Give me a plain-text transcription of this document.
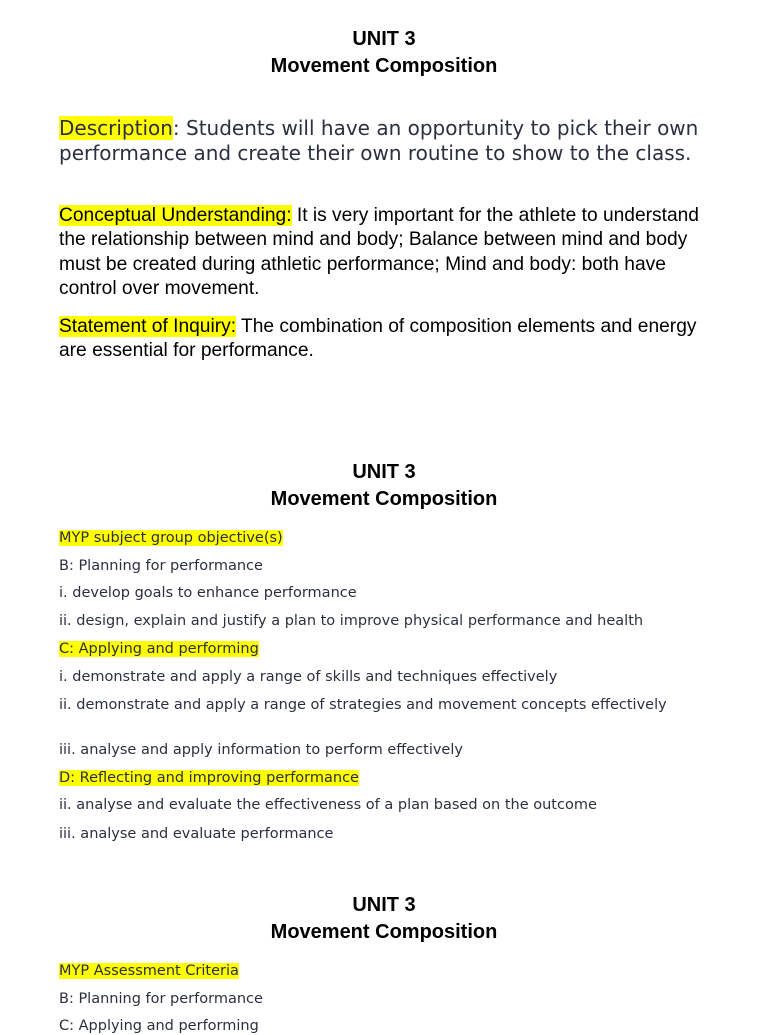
UNIT 3
Movement Composition
Description: Students will have an opportunity to pick their own performance and create their own routine to show to the class.
Conceptual Understanding: It is very important for the athlete to understand the relationship between mind and body; Balance between mind and body must be created during athletic performance; Mind and body: both have control over movement.
Statement of Inquiry: The combination of composition elements and energy are essential for performance.
UNIT 3
Movement Composition
MYP subject group objective(s)
B: Planning for performance
i. develop goals to enhance performance
ii. design, explain and justify a plan to improve physical performance and health
C: Applying and performing
i. demonstrate and apply a range of skills and techniques effectively
ii. demonstrate and apply a range of strategies and movement concepts effectively
iii. analyse and apply information to perform effectively
D: Reflecting and improving performance
ii. analyse and evaluate the effectiveness of a plan based on the outcome
iii. analyse and evaluate performance
UNIT 3
Movement Composition
MYP Assessment Criteria
B: Planning for performance
C: Applying and performing
